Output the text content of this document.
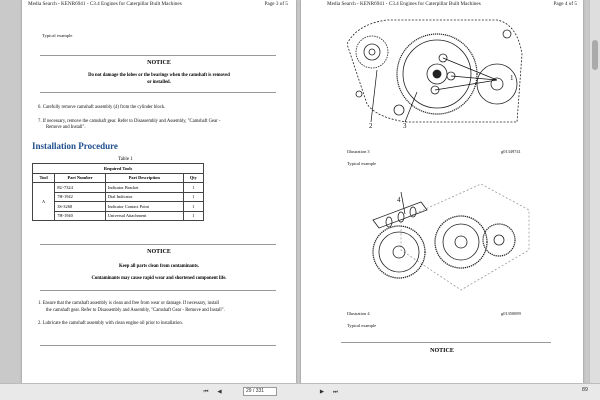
Media Search - KENR6941 - C3.4 Engines for Caterpillar Built Machines	Page 3 of 5
Typical example
NOTICE
Do not damage the lobes or the bearings when the camshaft is removed
or installed.
6. Carefully remove camshaft assembly (4) from the cylinder block.
7. If necessary, remove the camshaft gear. Refer to Disassembly and Assembly, "Camshaft Gear -
Remove and Install".
Installation Procedure
Table 1
Required Tools			
Tool	Part Number	Part Description	Qty
A	8U-7324	Indicator Bracket	1
	7H-1942	Dial Indicator	1
	3S-3268	Indicator Contact Point	1
	7H-1940	Universal Attachment	1
NOTICE
Keep all parts clean from contaminants.
Contaminants may cause rapid wear and shortened component life.
1. Ensure that the camshaft assembly is clean and free from wear or damage. If necessary, install
the camshaft gear. Refer to Disassembly and Assembly, "Camshaft Gear - Remove and Install".
2. Lubricate the camshaft assembly with clean engine oil prior to installation.
Media Search - KENR6941 - C3.4 Engines for Caterpillar Built Machines	Page 4 of 5
1
2	3
Illustration 3	g01349741
Typical example
4
Illustration 4	g01350089
Typical example
NOTICE
⏮ ◀	29 / 331	▶ ⏭	89
